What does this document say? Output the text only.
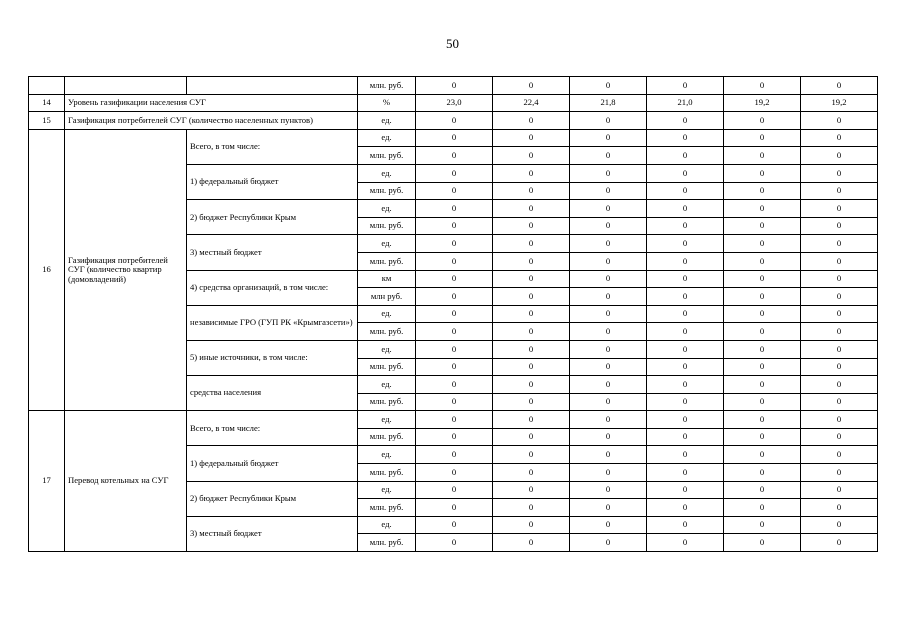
50
			млн. руб.	0	0	0	0	0	0
14	Уровень газификации населения СУГ		%	23,0	22,4	21,8	21,0	19,2	19,2
15	Газификация потребителей СУГ (количество населенных пунктов)		ед.	0	0	0	0	0	0
16	Газификация потребителей СУГ (количество квартир (домовладений)	Всего, в том числе:	ед.	0	0	0	0	0	0
			млн. руб.	0	0	0	0	0	0
		1) федеральный бюджет	ед.	0	0	0	0	0	0
			млн. руб.	0	0	0	0	0	0
		2) бюджет Республики Крым	ед.	0	0	0	0	0	0
			млн. руб.	0	0	0	0	0	0
		3) местный бюджет	ед.	0	0	0	0	0	0
			млн. руб.	0	0	0	0	0	0
		4) средства организаций, в том числе:	км	0	0	0	0	0	0
			млн руб.	0	0	0	0	0	0
		независимые ГРО (ГУП РК «Крымгазсети»)	ед.	0	0	0	0	0	0
			млн. руб.	0	0	0	0	0	0
		5) иные источники, в том числе:	ед.	0	0	0	0	0	0
			млн. руб.	0	0	0	0	0	0
		средства населения	ед.	0	0	0	0	0	0
			млн. руб.	0	0	0	0	0	0
17	Перевод котельных на СУГ	Всего, в том числе:	ед.	0	0	0	0	0	0
			млн. руб.	0	0	0	0	0	0
		1) федеральный бюджет	ед.	0	0	0	0	0	0
			млн. руб.	0	0	0	0	0	0
		2) бюджет Республики Крым	ед.	0	0	0	0	0	0
			млн. руб.	0	0	0	0	0	0
		3) местный бюджет	ед.	0	0	0	0	0	0
			млн. руб.	0	0	0	0	0	0
